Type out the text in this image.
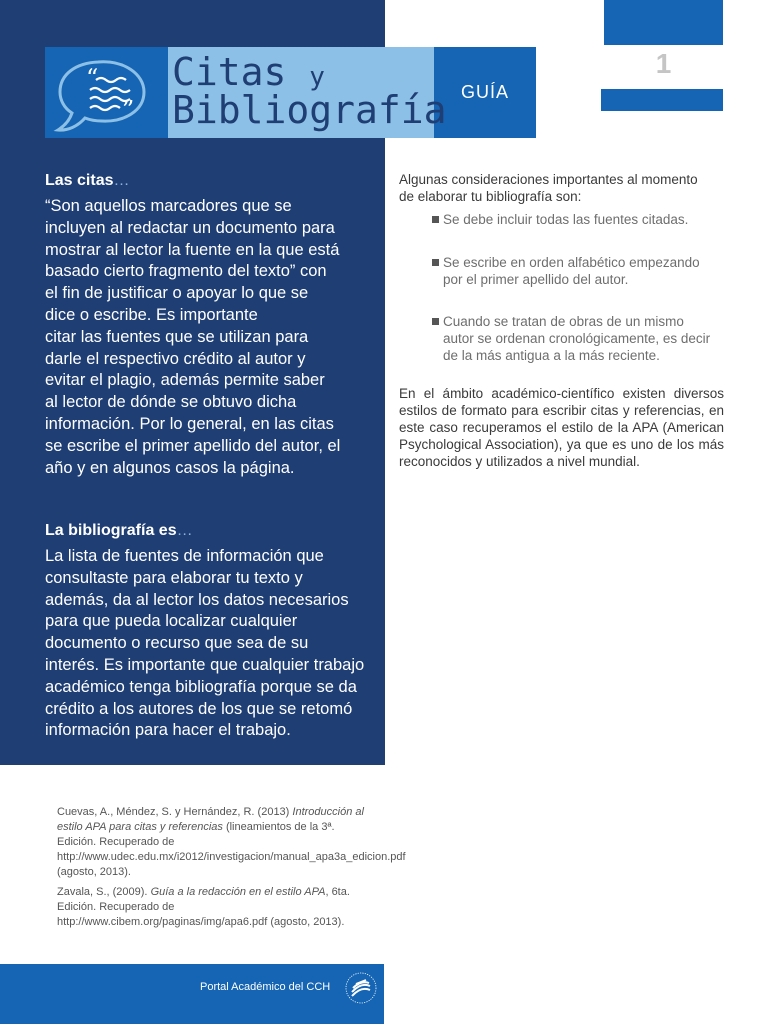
1
“
”
Citas y
Bibliografía GUÍA
Las citas…
“Son aquellos marcadores que se
incluyen al redactar un documento para
mostrar al lector la fuente en la que está
basado cierto fragmento del texto” con
el fin de justificar o apoyar lo que se
dice o escribe. Es importante
citar las fuentes que se utilizan para
darle el respectivo crédito al autor y
evitar el plagio, además permite saber
al lector de dónde se obtuvo dicha
información. Por lo general, en las citas
se escribe el primer apellido del autor, el
año y en algunos casos la página.
La bibliografía es…
La lista de fuentes de información que
consultaste para elaborar tu texto y
además, da al lector los datos necesarios
para que pueda localizar cualquier
documento o recurso que sea de su
interés. Es importante que cualquier trabajo
académico tenga bibliografía porque se da
crédito a los autores de los que se retomó
información para hacer el trabajo.
Algunas consideraciones importantes al momento
de elaborar tu bibliografía son:
Se debe incluir todas las fuentes citadas.
Se escribe en orden alfabético empezando
por el primer apellido del autor.
Cuando se tratan de obras de un mismo
autor se ordenan cronológicamente, es decir
de la más antigua a la más reciente.
En el ámbito académico-científico existen diversos estilos de formato para escribir citas y referencias, en este caso recuperamos el estilo de la APA (American Psychological Association), ya que es uno de los más reconocidos y utilizados a nivel mundial.
Cuevas, A., Méndez, S. y Hernández, R. (2013) Introducción al estilo APA para citas y referencias (lineamientos de la 3ª. Edición. Recuperado de http://www.udec.edu.mx/i2012/investigacion/manual_apa3a_edicion.pdf (agosto, 2013).
Zavala, S., (2009). Guía a la redacción en el estilo APA, 6ta. Edición. Recuperado de http://www.cibem.org/paginas/img/apa6.pdf (agosto, 2013).
Portal Académico del CCH
